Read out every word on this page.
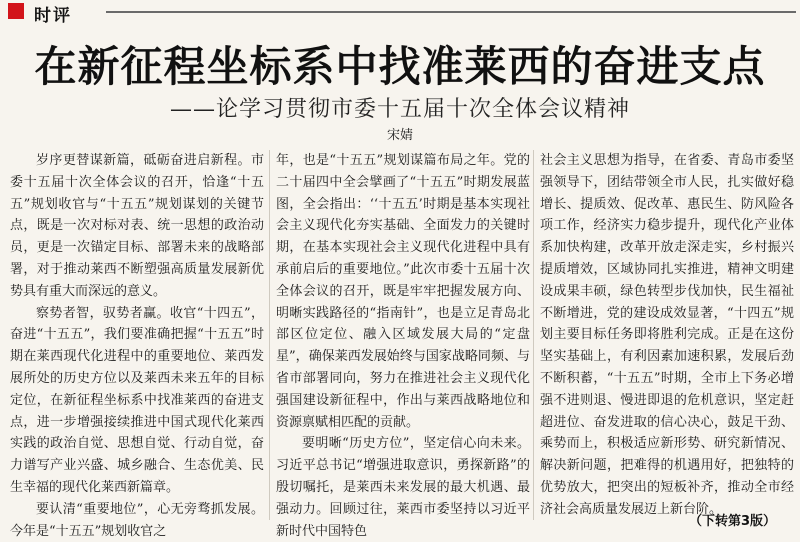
时评
在新征程坐标系中找准莱西的奋进支点
——论学习贯彻市委十五届十次全体会议精神
宋婧

岁序更替谋新篇，砥砺奋进启新程。市委十五届十次全体会议的召开，恰逢“十五五”规划收官与“十五五”规划谋划的关键节点，既是一次对标对表、统一思想的政治动员，更是一次锚定目标、部署未来的战略部署，对于推动莱西不断塑强高质量发展新优势具有重大而深远的意义。

察势者智，驭势者赢。收官“十四五”，奋进“十五五”，我们要准确把握“十五五”时期在莱西现代化进程中的重要地位、莱西发展所处的历史方位以及莱西未来五年的目标定位，在新征程坐标系中找准莱西的奋进支点，进一步增强接续推进中国式现代化莱西实践的政治自觉、思想自觉、行动自觉，奋力谱写产业兴盛、城乡融合、生态优美、民生幸福的现代化莱西新篇章。

要认清“重要地位”，心无旁骛抓发展。今年是“十五五”规划收官之

年，也是“十五五”规划谋篇布局之年。党的二十届四中全会擘画了“十五五”时期发展蓝图，全会指出：‘‘十五五’时期是基本实现社会主义现代化夯实基础、全面发力的关键时期，在基本实现社会主义现代化进程中具有承前启后的重要地位。”此次市委十五届十次全体会议的召开，既是牢牢把握发展方向、明晰实践路径的“指南针”，也是立足青岛北部区位定位、融入区域发展大局的“定盘星”，确保莱西发展始终与国家战略同频、与省市部署同向，努力在推进社会主义现代化强国建设新征程中，作出与莱西战略地位和资源禀赋相匹配的贡献。

要明晰“历史方位”，坚定信心向未来。习近平总书记“增强进取意识，勇探新路”的殷切嘱托，是莱西未来发展的最大机遇、最强动力。回顾过往，莱西市委坚持以习近平新时代中国特色

社会主义思想为指导，在省委、青岛市委坚强领导下，团结带领全市人民，扎实做好稳增长、提质效、促改革、惠民生、防风险各项工作，经济实力稳步提升，现代化产业体系加快构建，改革开放走深走实，乡村振兴提质增效，区域协同扎实推进，精神文明建设成果丰硕，绿色转型步伐加快，民生福祉不断增进，党的建设成效显著，“十四五”规划主要目标任务即将胜利完成。正是在这份坚实基础上，有利因素加速积累，发展后劲不断积蓄，“十五五”时期，全市上下务必增强不进则退、慢进即退的危机意识，坚定赶超进位、奋发进取的信心决心，鼓足干劲、乘势而上，积极适应新形势、研究新情况、解决新问题，把难得的机遇用好，把独特的优势放大，把突出的短板补齐，推动全市经济社会高质量发展迈上新台阶。

（下转第3版）
